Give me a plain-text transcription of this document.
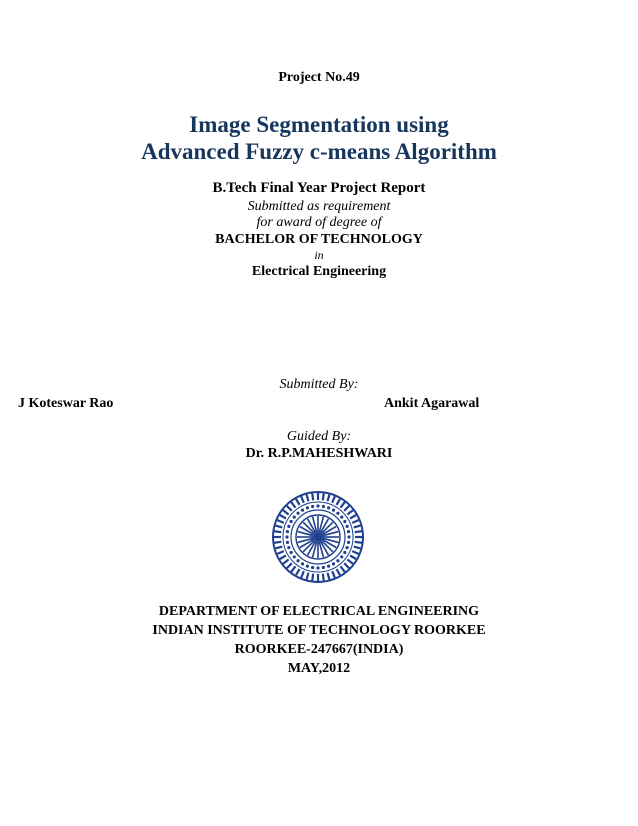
Project No.49
Image Segmentation using
Advanced Fuzzy c-means Algorithm
B.Tech Final Year Project Report
Submitted as requirement
for award of degree of
BACHELOR OF TECHNOLOGY
in
Electrical Engineering
Submitted By:
J Koteswar Rao	Ankit Agarawal
Guided By:
Dr. R.P.MAHESHWARI
DEPARTMENT OF ELECTRICAL ENGINEERING
INDIAN INSTITUTE OF TECHNOLOGY ROORKEE
ROORKEE-247667(INDIA)
MAY,2012
